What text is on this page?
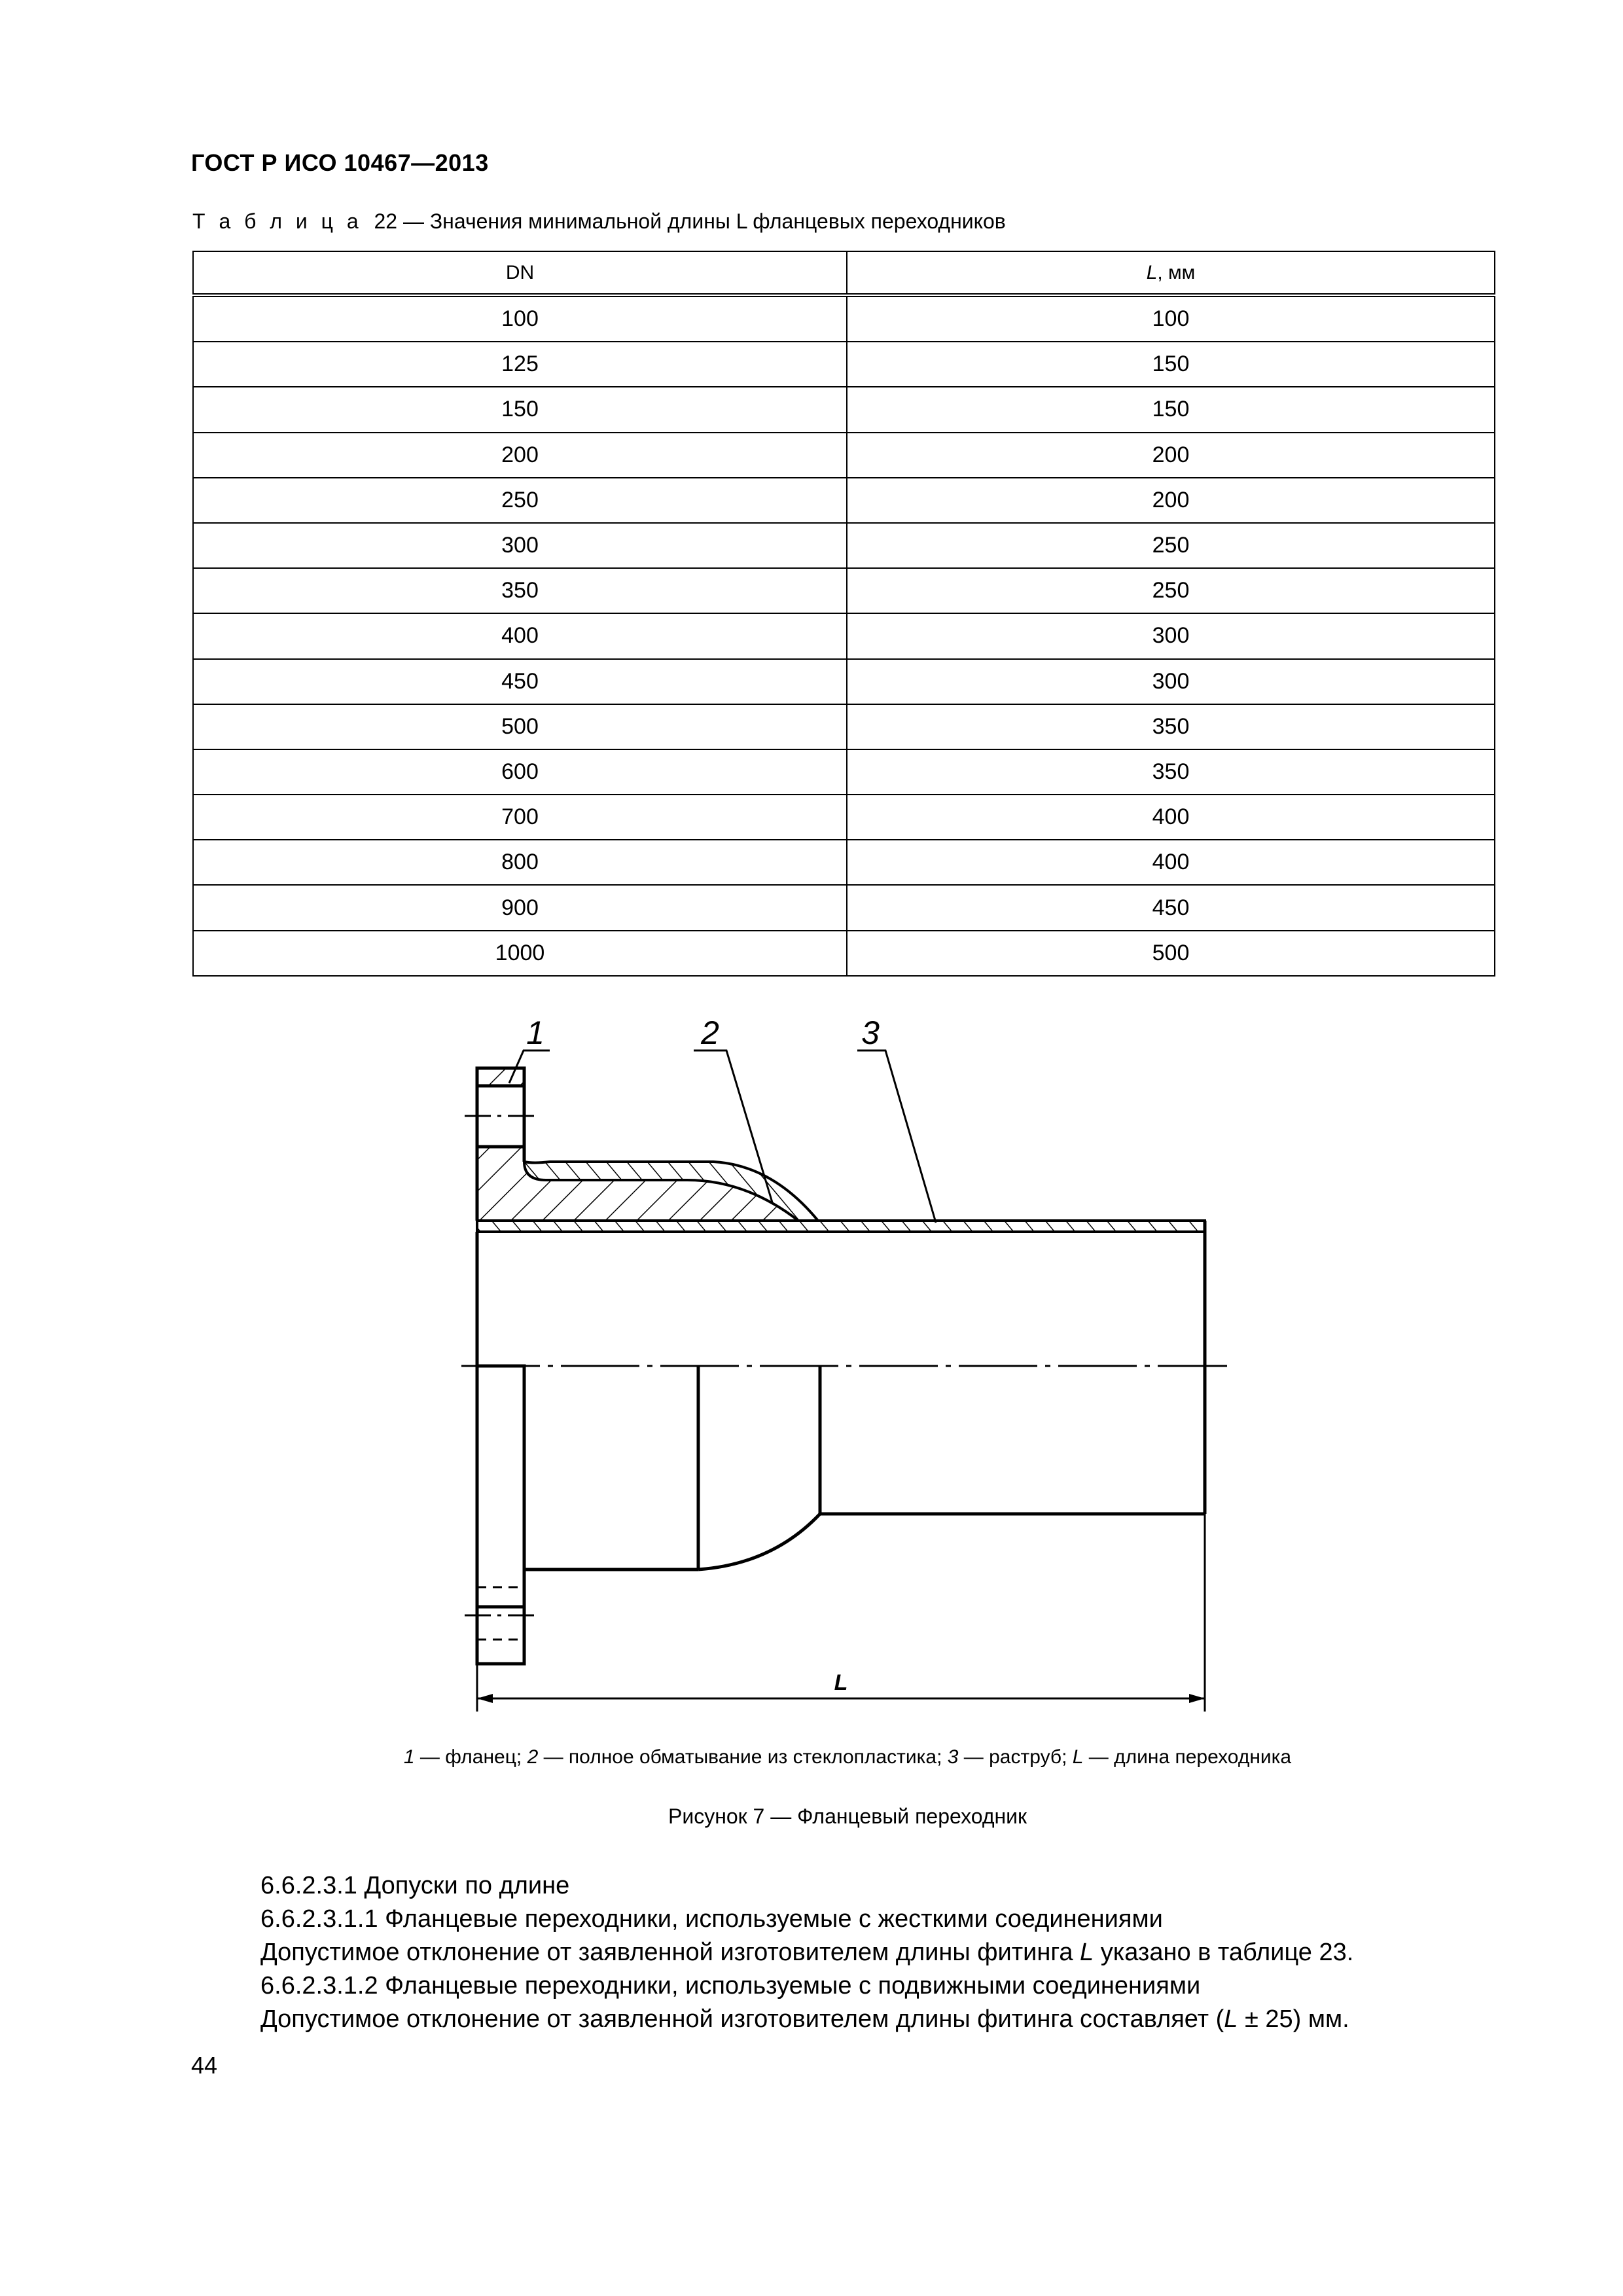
ГОСТ Р ИСО 10467—2013
Т а б л и ц а 22 — Значения минимальной длины L фланцевых переходников
DN	L, мм
100	100
125	150
150	150
200	200
250	200
300	250
350	250
400	300
450	300
500	350
600	350
700	400
800	400
900	450
1000	500
L
1	2	3
1 — фланец; 2 — полное обматывание из стеклопластика; 3 — раструб; L — длина переходника
Рисунок 7 — Фланцевый переходник
6.6.2.3.1 Допуски по длине
6.6.2.3.1.1 Фланцевые переходники, используемые с жесткими соединениями
Допустимое отклонение от заявленной изготовителем длины фитинга L указано в таблице 23.
6.6.2.3.1.2 Фланцевые переходники, используемые с подвижными соединениями
Допустимое отклонение от заявленной изготовителем длины фитинга составляет (L ± 25) мм.
44
